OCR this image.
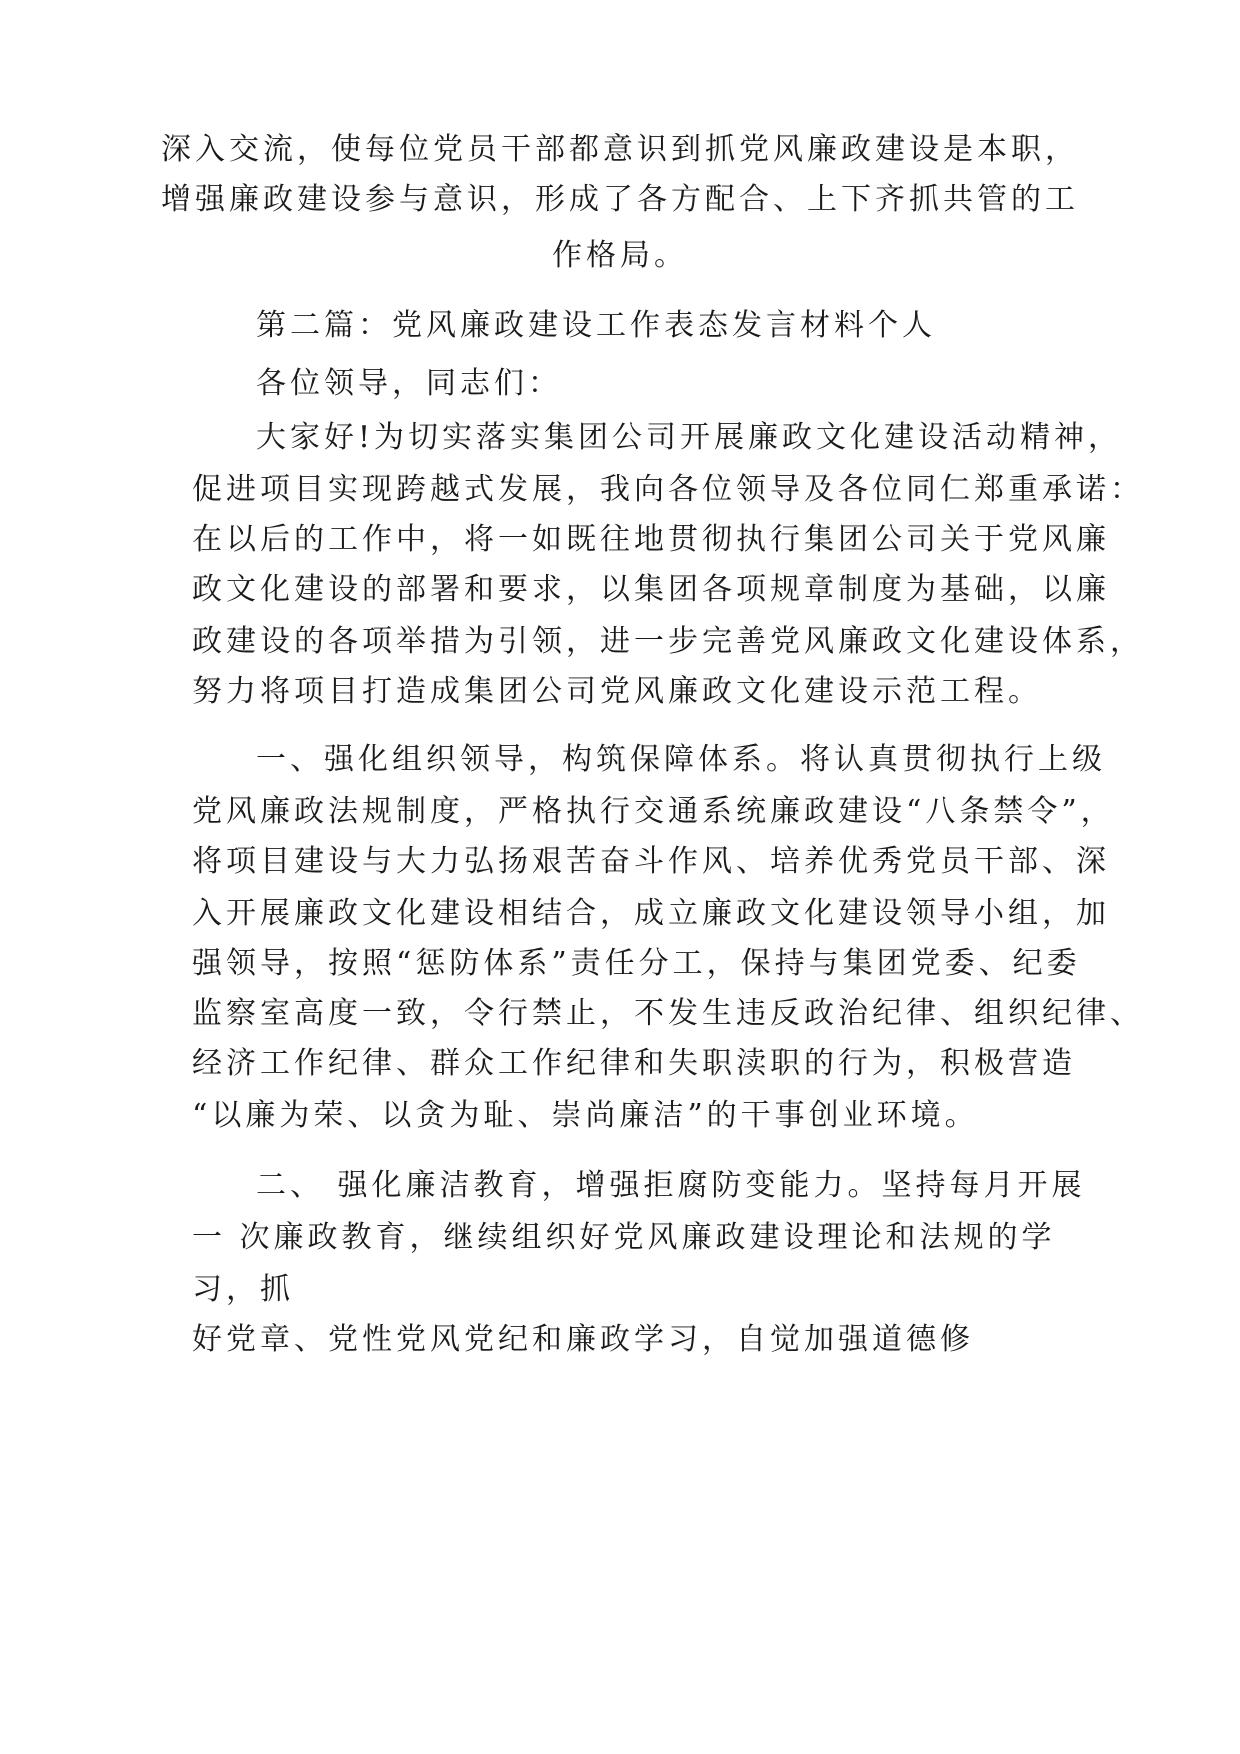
深入交流，使每位党员干部都意识到抓党风廉政建设是本职，
增强廉政建设参与意识，形成了各方配合、上下齐抓共管的工
作格局。
第二篇：党风廉政建设工作表态发言材料个人
各位领导，同志们：
大家好!为切实落实集团公司开展廉政文化建设活动精神，
促进项目实现跨越式发展，我向各位领导及各位同仁郑重承诺：
在以后的工作中，将一如既往地贯彻执行集团公司关于党风廉
政文化建设的部署和要求，以集团各项规章制度为基础，以廉
政建设的各项举措为引领，进一步完善党风廉政文化建设体系，
努力将项目打造成集团公司党风廉政文化建设示范工程。
一、强化组织领导，构筑保障体系。将认真贯彻执行上级
党风廉政法规制度，严格执行交通系统廉政建设“八条禁令”，
将项目建设与大力弘扬艰苦奋斗作风、培养优秀党员干部、深
入开展廉政文化建设相结合，成立廉政文化建设领导小组，加
强领导，按照“惩防体系”责任分工，保持与集团党委、纪委
监察室高度一致，令行禁止，不发生违反政治纪律、组织纪律、
经济工作纪律、群众工作纪律和失职渎职的行为，积极营造
“以廉为荣、以贪为耻、崇尚廉洁”的干事创业环境。
二、 强化廉洁教育，增强拒腐防变能力。坚持每月开展
一 次廉政教育，继续组织好党风廉政建设理论和法规的学
习，抓
好党章、党性党风党纪和廉政学习，自觉加强道德修
